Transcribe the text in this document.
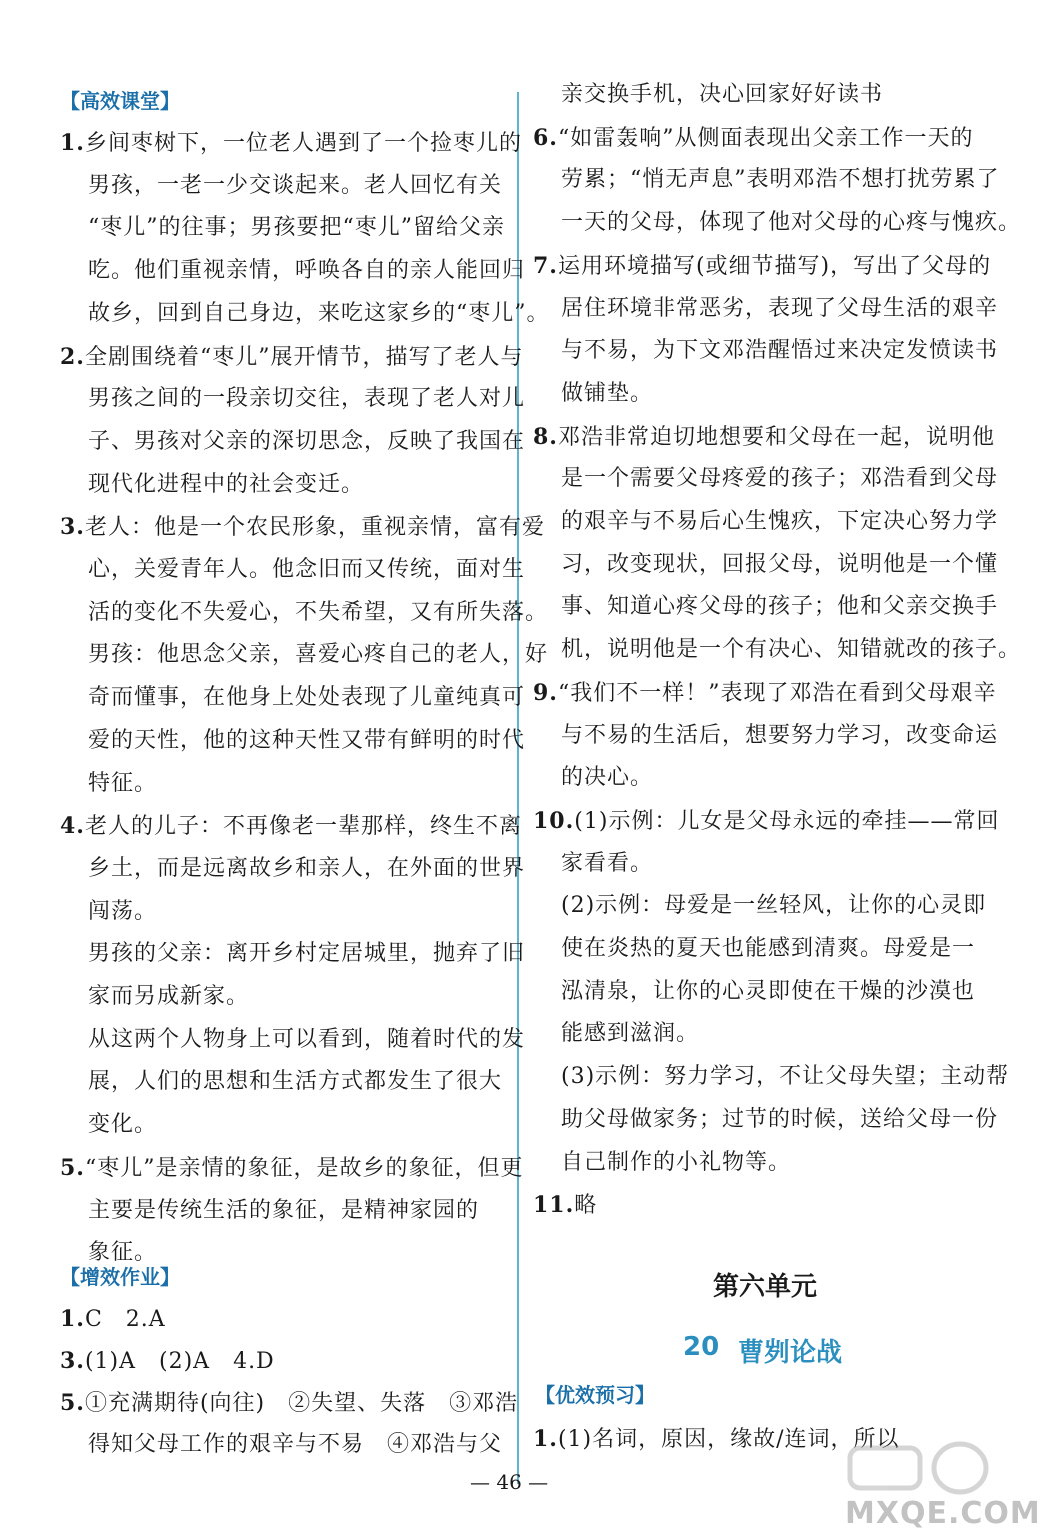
【高效课堂】
1.乡间枣树下，一位老人遇到了一个捡枣儿的
男孩，一老一少交谈起来。老人回忆有关
“枣儿”的往事；男孩要把“枣儿”留给父亲
吃。他们重视亲情，呼唤各自的亲人能回归
故乡，回到自己身边，来吃这家乡的“枣儿”。
2.全剧围绕着“枣儿”展开情节，描写了老人与
男孩之间的一段亲切交往，表现了老人对儿
子、男孩对父亲的深切思念，反映了我国在
现代化进程中的社会变迁。
3.老人：他是一个农民形象，重视亲情，富有爱
心，关爱青年人。他念旧而又传统，面对生
活的变化不失爱心，不失希望，又有所失落。
男孩：他思念父亲，喜爱心疼自己的老人，好
奇而懂事，在他身上处处表现了儿童纯真可
爱的天性，他的这种天性又带有鲜明的时代
特征。
4.老人的儿子：不再像老一辈那样，终生不离
乡土，而是远离故乡和亲人，在外面的世界
闯荡。
男孩的父亲：离开乡村定居城里，抛弃了旧
家而另成新家。
从这两个人物身上可以看到，随着时代的发
展，人们的思想和生活方式都发生了很大
变化。
5.“枣儿”是亲情的象征，是故乡的象征，但更
主要是传统生活的象征，是精神家园的
象征。
【增效作业】
1.C　2.A
3.(1)A　(2)A　4.D
5.①充满期待(向往)　②失望、失落　③邓浩
得知父母工作的艰辛与不易　④邓浩与父
第六单元
20 曹刿论战
【优效预习】
亲交换手机，决心回家好好读书
6.“如雷轰响”从侧面表现出父亲工作一天的
劳累；“悄无声息”表明邓浩不想打扰劳累了
一天的父母，体现了他对父母的心疼与愧疚。
7.运用环境描写(或细节描写)，写出了父母的
居住环境非常恶劣，表现了父母生活的艰辛
与不易，为下文邓浩醒悟过来决定发愤读书
做铺垫。
8.邓浩非常迫切地想要和父母在一起，说明他
是一个需要父母疼爱的孩子；邓浩看到父母
的艰辛与不易后心生愧疚，下定决心努力学
习，改变现状，回报父母，说明他是一个懂
事、知道心疼父母的孩子；他和父亲交换手
机，说明他是一个有决心、知错就改的孩子。
9.“我们不一样！”表现了邓浩在看到父母艰辛
与不易的生活后，想要努力学习，改变命运
的决心。
10.(1)示例：儿女是父母永远的牵挂——常回
家看看。
(2)示例：母爱是一丝轻风，让你的心灵即
使在炎热的夏天也能感到清爽。母爱是一
泓清泉，让你的心灵即使在干燥的沙漠也
能感到滋润。
(3)示例：努力学习，不让父母失望；主动帮
助父母做家务；过节的时候，送给父母一份
自己制作的小礼物等。
11.略
1.(1)名词，原因，缘故/连词，所以
— 46 —
MXQE.COM
